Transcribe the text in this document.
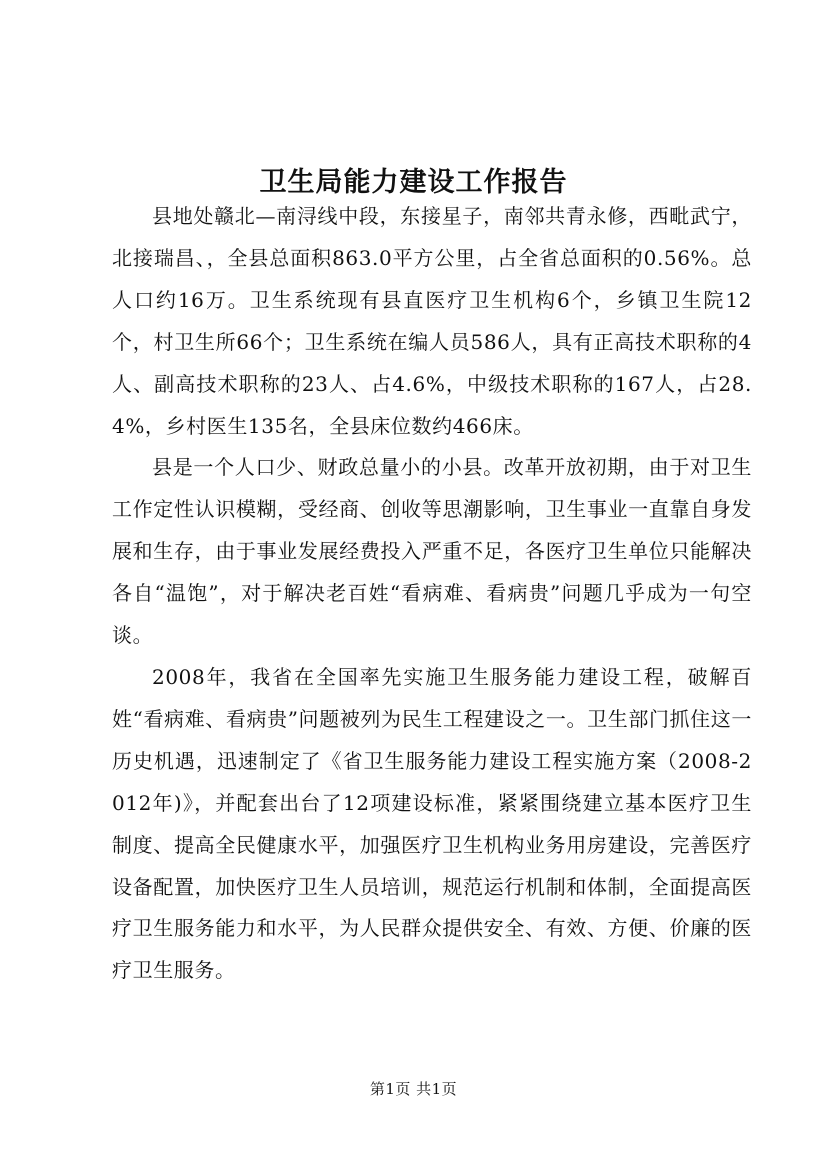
卫生局能力建设工作报告

县地处赣北—南浔线中段，东接星子，南邻共青永修，西毗武宁，北接瑞昌、，全县总面积863.0平方公里，占全省总面积的0.56%。总人口约16万。卫生系统现有县直医疗卫生机构6个，乡镇卫生院12个，村卫生所66个；卫生系统在编人员586人，具有正高技术职称的4人、副高技术职称的23人、占4.6%，中级技术职称的167人，占28.4%，乡村医生135名，全县床位数约466床。

县是一个人口少、财政总量小的小县。改革开放初期，由于对卫生工作定性认识模糊，受经商、创收等思潮影响，卫生事业一直靠自身发展和生存，由于事业发展经费投入严重不足，各医疗卫生单位只能解决各自“温饱”，对于解决老百姓“看病难、看病贵”问题几乎成为一句空谈。

2008年，我省在全国率先实施卫生服务能力建设工程，破解百姓“看病难、看病贵”问题被列为民生工程建设之一。卫生部门抓住这一历史机遇，迅速制定了《省卫生服务能力建设工程实施方案（2008-2012年)》，并配套出台了12项建设标准，紧紧围绕建立基本医疗卫生制度、提高全民健康水平，加强医疗卫生机构业务用房建设，完善医疗设备配置，加快医疗卫生人员培训，规范运行机制和体制，全面提高医疗卫生服务能力和水平，为人民群众提供安全、有效、方便、价廉的医疗卫生服务。

第1页 共1页
